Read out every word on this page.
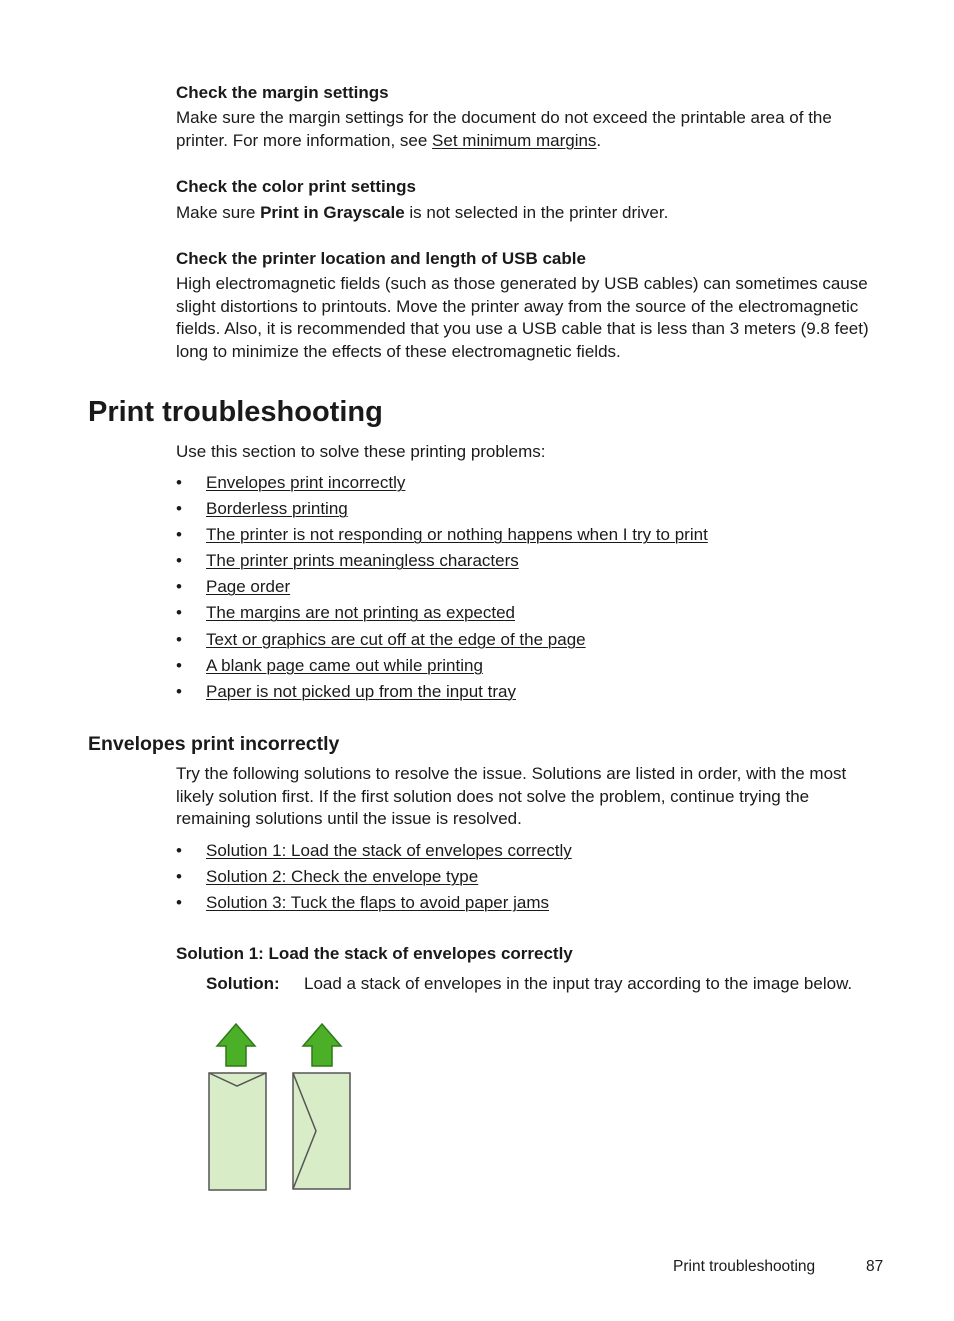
Check the margin settings
Make sure the margin settings for the document do not exceed the printable area of the printer. For more information, see Set minimum margins.
Check the color print settings
Make sure Print in Grayscale is not selected in the printer driver.
Check the printer location and length of USB cable
High electromagnetic fields (such as those generated by USB cables) can sometimes cause slight distortions to printouts. Move the printer away from the source of the electromagnetic fields. Also, it is recommended that you use a USB cable that is less than 3 meters (9.8 feet) long to minimize the effects of these electromagnetic fields.
Print troubleshooting
Use this section to solve these printing problems:
• Envelopes print incorrectly
• Borderless printing
• The printer is not responding or nothing happens when I try to print
• The printer prints meaningless characters
• Page order
• The margins are not printing as expected
• Text or graphics are cut off at the edge of the page
• A blank page came out while printing
• Paper is not picked up from the input tray
Envelopes print incorrectly
Try the following solutions to resolve the issue. Solutions are listed in order, with the most likely solution first. If the first solution does not solve the problem, continue trying the remaining solutions until the issue is resolved.
• Solution 1: Load the stack of envelopes correctly
• Solution 2: Check the envelope type
• Solution 3: Tuck the flaps to avoid paper jams
Solution 1: Load the stack of envelopes correctly
Solution: Load a stack of envelopes in the input tray according to the image below.
Print troubleshooting	87
